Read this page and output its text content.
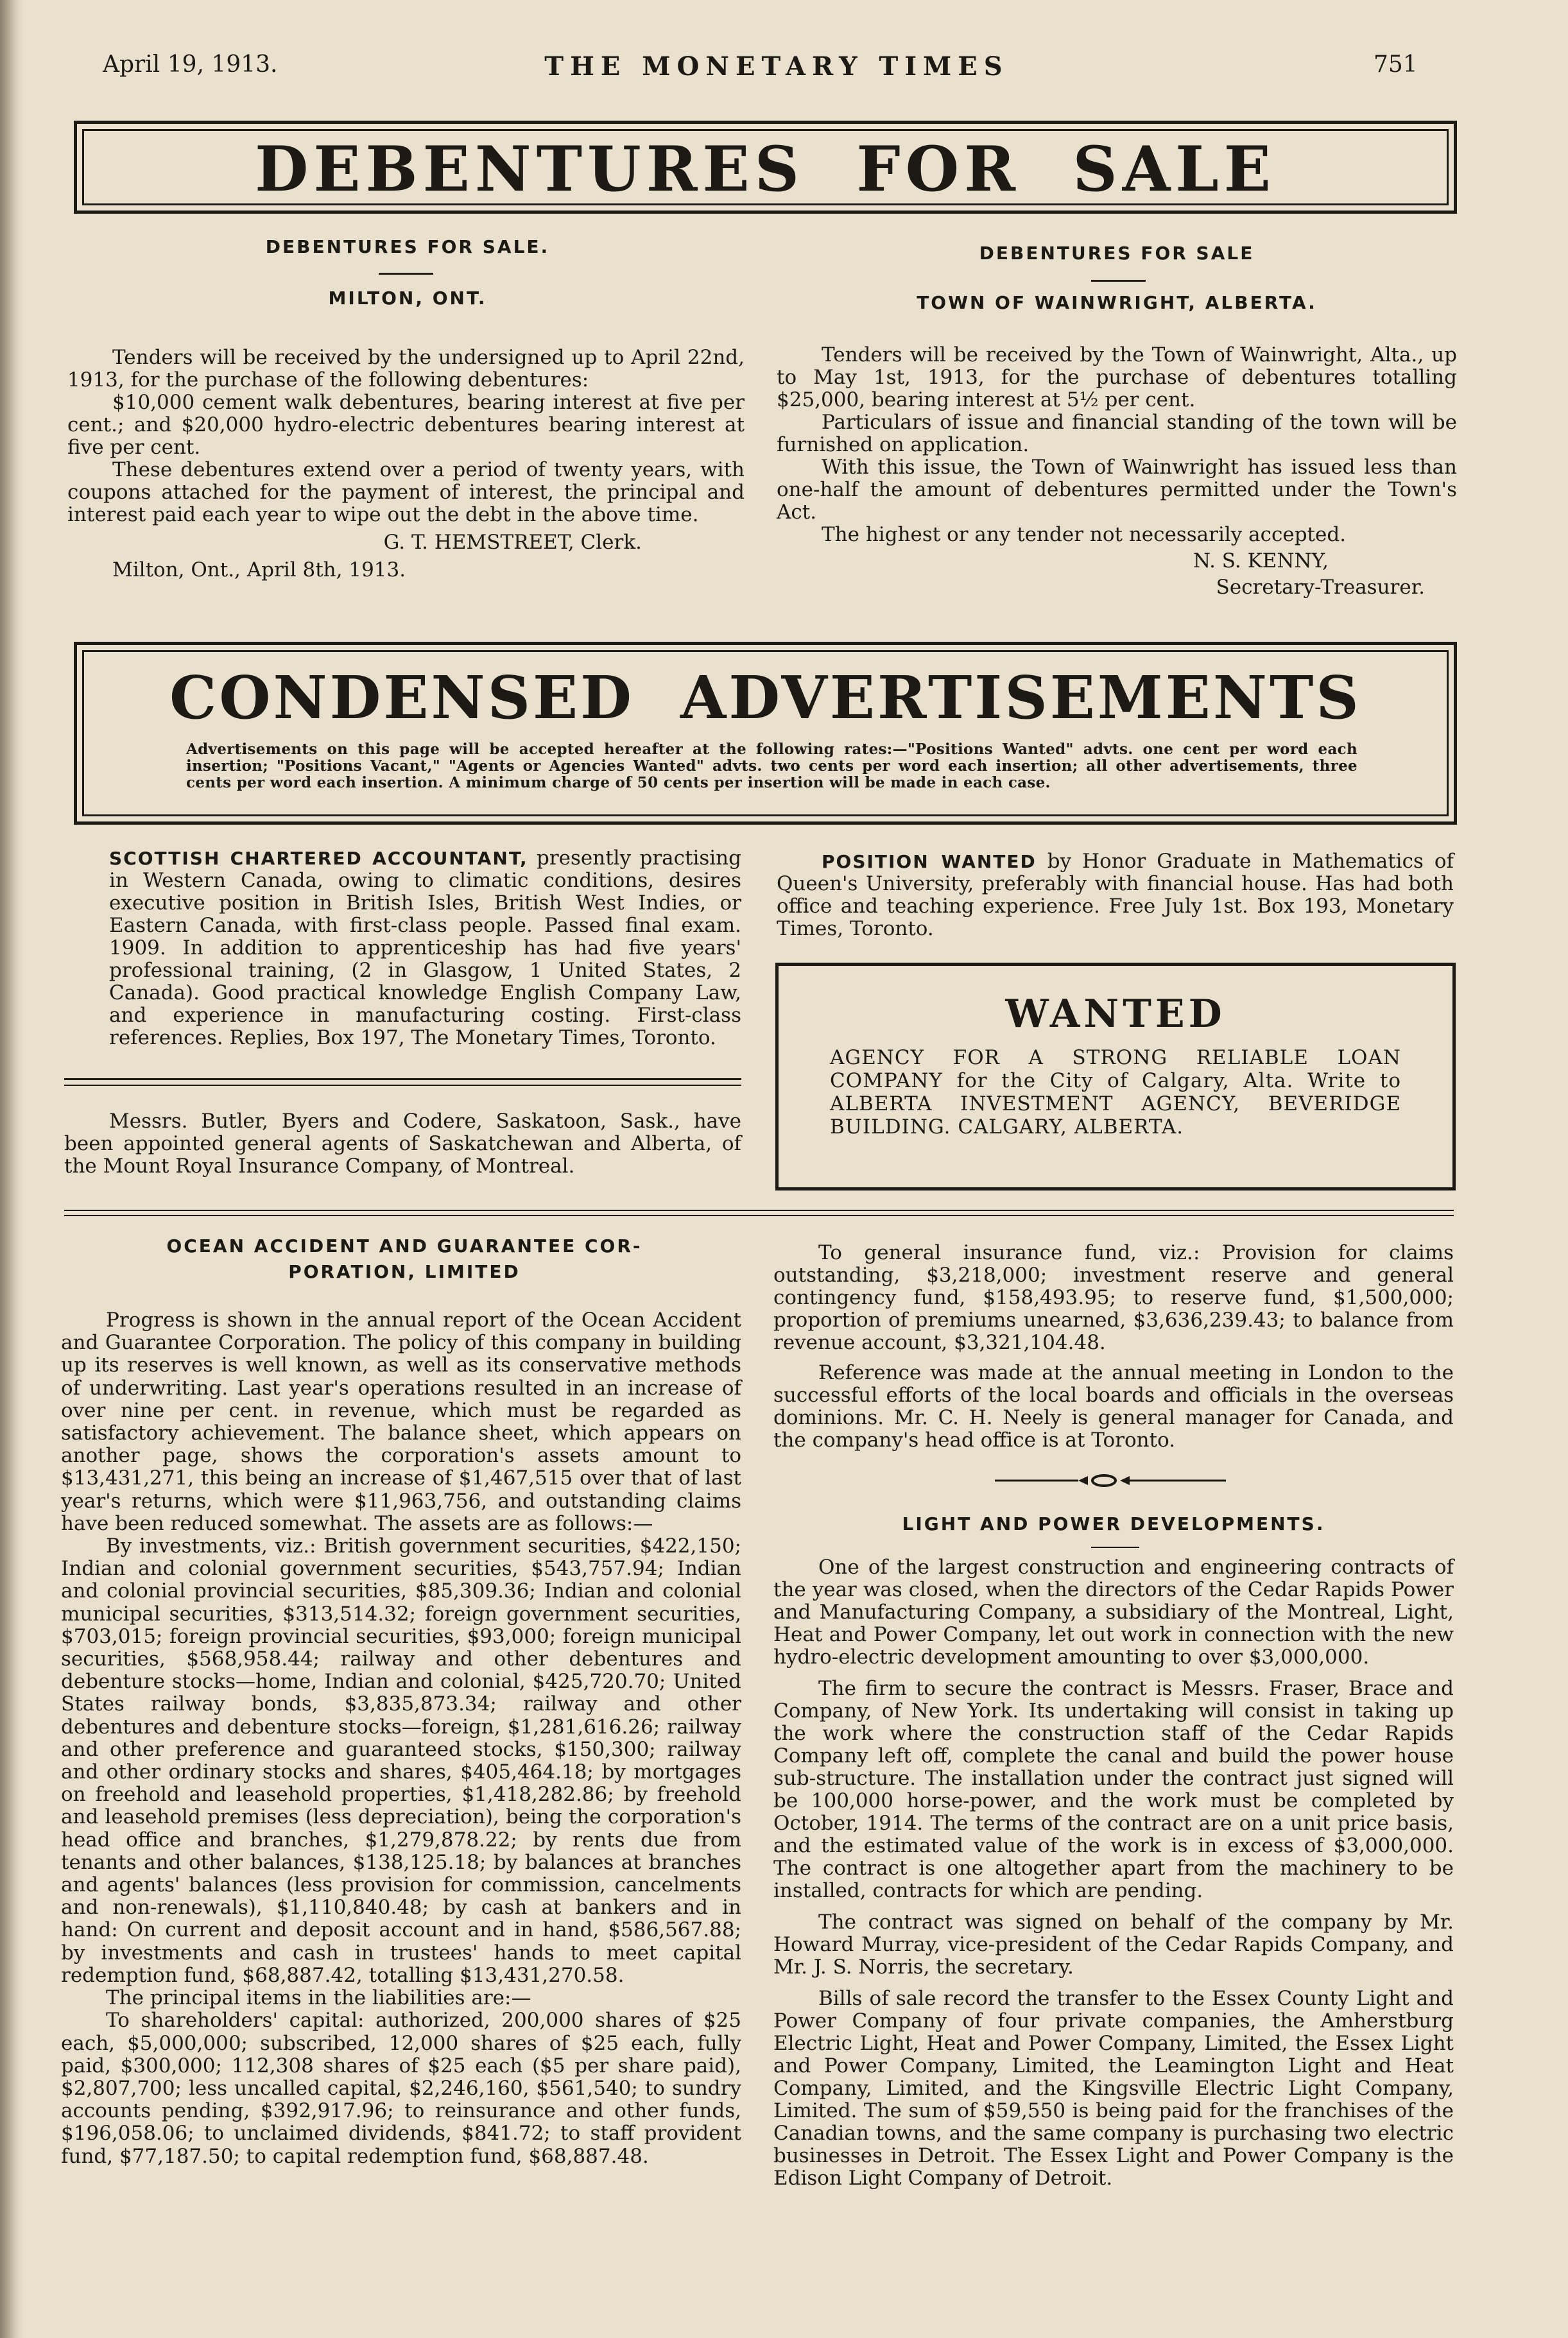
April 19, 1913.	THE MONETARY TIMES	751
DEBENTURES FOR SALE
DEBENTURES FOR SALE.
MILTON, ONT.

Tenders will be received by the undersigned up to April 22nd, 1913, for the purchase of the following debentures:

$10,000 cement walk debentures, bearing interest at five per cent.; and $20,000 hydro-electric debentures bearing interest at five per cent.

These debentures extend over a period of twenty years, with coupons attached for the payment of interest, the principal and interest paid each year to wipe out the debt in the above time.

G. T. HEMSTREET, Clerk.
Milton, Ont., April 8th, 1913.
DEBENTURES FOR SALE
TOWN OF WAINWRIGHT, ALBERTA.

Tenders will be received by the Town of Wainwright, Alta., up to May 1st, 1913, for the purchase of debentures totalling $25,000, bearing interest at 5½ per cent.

Particulars of issue and financial standing of the town will be furnished on application.

With this issue, the Town of Wainwright has issued less than one-half the amount of debentures permitted under the Town's Act.

The highest or any tender not necessarily accepted.

N. S. KENNY,
Secretary-Treasurer.
CONDENSED ADVERTISEMENTS
Advertisements on this page will be accepted hereafter at the following rates:—"Positions Wanted" advts. one cent per word each insertion; "Positions Vacant," "Agents or Agencies Wanted" advts. two cents per word each insertion; all other advertisements, three cents per word each insertion. A minimum charge of 50 cents per insertion will be made in each case.

SCOTTISH CHARTERED ACCOUNTANT, presently practising in Western Canada, owing to climatic conditions, desires executive position in British Isles, British West Indies, or Eastern Canada, with first-class people. Passed final exam. 1909. In addition to apprenticeship has had five years' professional training, (2 in Glasgow, 1 United States, 2 Canada). Good practical knowledge English Company Law, and experience in manufacturing costing. First-class references. Replies, Box 197, The Monetary Times, Toronto.

POSITION WANTED by Honor Graduate in Mathematics of Queen's University, preferably with financial house. Has had both office and teaching experience. Free July 1st. Box 193, Monetary Times, Toronto.

Messrs. Butler, Byers and Codere, Saskatoon, Sask., have been appointed general agents of Saskatchewan and Alberta, of the Mount Royal Insurance Company, of Montreal.

WANTED
AGENCY FOR A STRONG RELIABLE LOAN COMPANY for the City of Calgary, Alta. Write to ALBERTA INVESTMENT AGENCY, BEVERIDGE BUILDING. CALGARY, ALBERTA.
OCEAN ACCIDENT AND GUARANTEE COR-
PORATION, LIMITED

Progress is shown in the annual report of the Ocean Accident and Guarantee Corporation. The policy of this company in building up its reserves is well known, as well as its conservative methods of underwriting. Last year's operations resulted in an increase of over nine per cent. in revenue, which must be regarded as satisfactory achievement. The balance sheet, which appears on another page, shows the corporation's assets amount to $13,431,271, this being an increase of $1,467,515 over that of last year's returns, which were $11,963,756, and outstanding claims have been reduced somewhat. The assets are as follows:—

By investments, viz.: British government securities, $422,150; Indian and colonial government securities, $543,757.94; Indian and colonial provincial securities, $85,309.36; Indian and colonial municipal securities, $313,514.32; foreign government securities, $703,015; foreign provincial securities, $93,000; foreign municipal securities, $568,958.44; railway and other debentures and debenture stocks—home, Indian and colonial, $425,720.70; United States railway bonds, $3,835,873.34; railway and other debentures and debenture stocks—foreign, $1,281,616.26; railway and other preference and guaranteed stocks, $150,300; railway and other ordinary stocks and shares, $405,464.18; by mortgages on freehold and leasehold properties, $1,418,282.86; by freehold and leasehold premises (less depreciation), being the corporation's head office and branches, $1,279,878.22; by rents due from tenants and other balances, $138,125.18; by balances at branches and agents' balances (less provision for commission, cancelments and non-renewals), $1,110,840.48; by cash at bankers and in hand: On current and deposit account and in hand, $586,567.88; by investments and cash in trustees' hands to meet capital redemption fund, $68,887.42, totalling $13,431,270.58.

The principal items in the liabilities are:—

To shareholders' capital: authorized, 200,000 shares of $25 each, $5,000,000; subscribed, 12,000 shares of $25 each, fully paid, $300,000; 112,308 shares of $25 each ($5 per share paid), $2,807,700; less uncalled capital, $2,246,160, $561,540; to sundry accounts pending, $392,917.96; to reinsurance and other funds, $196,058.06; to unclaimed dividends, $841.72; to staff provident fund, $77,187.50; to capital redemption fund, $68,887.48.

To general insurance fund, viz.: Provision for claims outstanding, $3,218,000; investment reserve and general contingency fund, $158,493.95; to reserve fund, $1,500,000; proportion of premiums unearned, $3,636,239.43; to balance from revenue account, $3,321,104.48.

Reference was made at the annual meeting in London to the successful efforts of the local boards and officials in the overseas dominions. Mr. C. H. Neely is general manager for Canada, and the company's head office is at Toronto.

LIGHT AND POWER DEVELOPMENTS.

One of the largest construction and engineering contracts of the year was closed, when the directors of the Cedar Rapids Power and Manufacturing Company, a subsidiary of the Montreal, Light, Heat and Power Company, let out work in connection with the new hydro-electric development amounting to over $3,000,000.

The firm to secure the contract is Messrs. Fraser, Brace and Company, of New York. Its undertaking will consist in taking up the work where the construction staff of the Cedar Rapids Company left off, complete the canal and build the power house sub-structure. The installation under the contract just signed will be 100,000 horse-power, and the work must be completed by October, 1914. The terms of the contract are on a unit price basis, and the estimated value of the work is in excess of $3,000,000. The contract is one altogether apart from the machinery to be installed, contracts for which are pending.

The contract was signed on behalf of the company by Mr. Howard Murray, vice-president of the Cedar Rapids Company, and Mr. J. S. Norris, the secretary.

Bills of sale record the transfer to the Essex County Light and Power Company of four private companies, the Amherstburg Electric Light, Heat and Power Company, Limited, the Essex Light and Power Company, Limited, the Leamington Light and Heat Company, Limited, and the Kingsville Electric Light Company, Limited. The sum of $59,550 is being paid for the franchises of the Canadian towns, and the same company is purchasing two electric businesses in Detroit. The Essex Light and Power Company is the Edison Light Company of Detroit.
